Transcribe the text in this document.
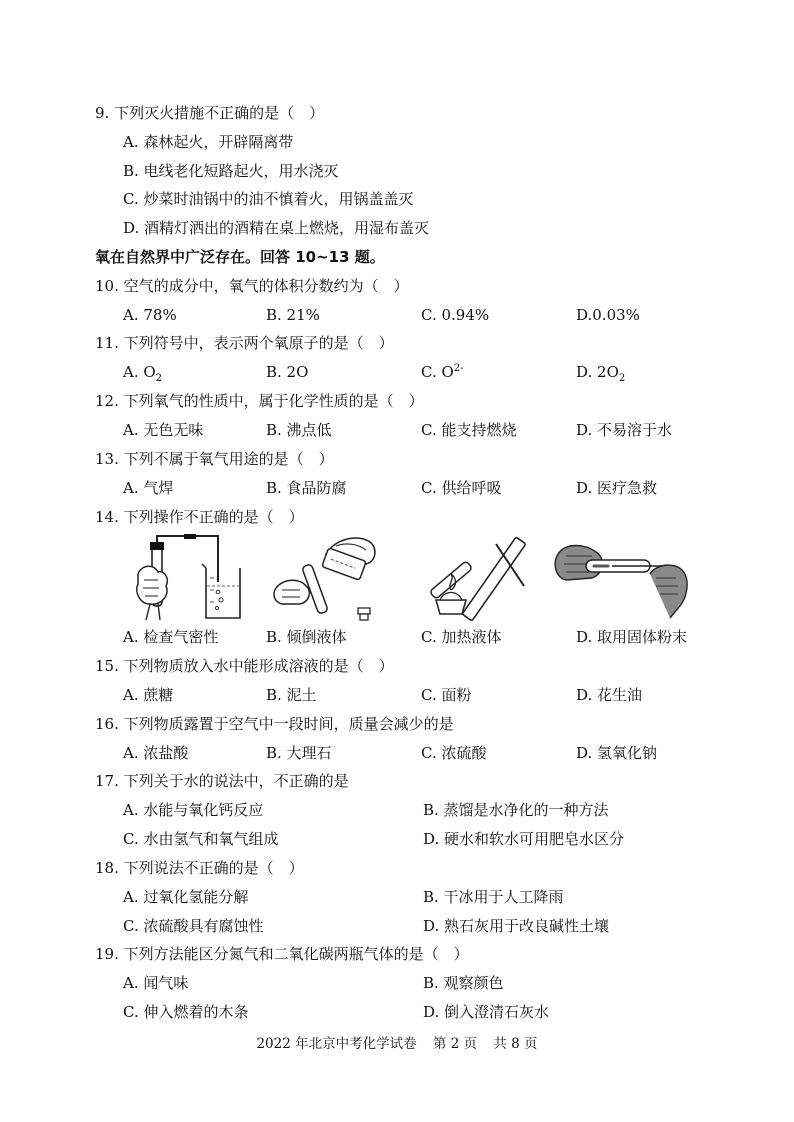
9. 下列灭火措施不正确的是（　）
A. 森林起火，开辟隔离带
B. 电线老化短路起火，用水浇灭
C. 炒菜时油锅中的油不慎着火，用锅盖盖灭
D. 酒精灯洒出的酒精在桌上燃烧，用湿布盖灭
氧在自然界中广泛存在。回答 10~13 题。
10. 空气的成分中，氧气的体积分数约为（　）
A. 78%	B. 21%	C. 0.94%	D.0.03%
11. 下列符号中，表示两个氧原子的是（　）
A. $O_2$	B. 2O	C. $O^{2-}$	D. $2O_2$
12. 下列氧气的性质中，属于化学性质的是（　）
A. 无色无味	B. 沸点低	C. 能支持燃烧	D. 不易溶于水
13. 下列不属于氧气用途的是（　）
A. 气焊	B. 食品防腐	C. 供给呼吸	D. 医疗急救
14. 下列操作不正确的是（　）
A. 检查气密性	B. 倾倒液体	C. 加热液体	D. 取用固体粉末
15. 下列物质放入水中能形成溶液的是（　）
A. 蔗糖	B. 泥土	C. 面粉	D. 花生油
16. 下列物质露置于空气中一段时间，质量会减少的是
A. 浓盐酸	B. 大理石	C. 浓硫酸	D. 氢氧化钠
17. 下列关于水的说法中，不正确的是
A. 水能与氧化钙反应	B. 蒸馏是水净化的一种方法
C. 水由氢气和氧气组成	D. 硬水和软水可用肥皂水区分
18. 下列说法不正确的是（　）
A. 过氧化氢能分解	B. 干冰用于人工降雨
C. 浓硫酸具有腐蚀性	D. 熟石灰用于改良碱性土壤
19. 下列方法能区分氮气和二氧化碳两瓶气体的是（　）
A. 闻气味	B. 观察颜色
C. 伸入燃着的木条	D. 倒入澄清石灰水
2022 年北京中考化学试卷 第 2 页 共 8 页
